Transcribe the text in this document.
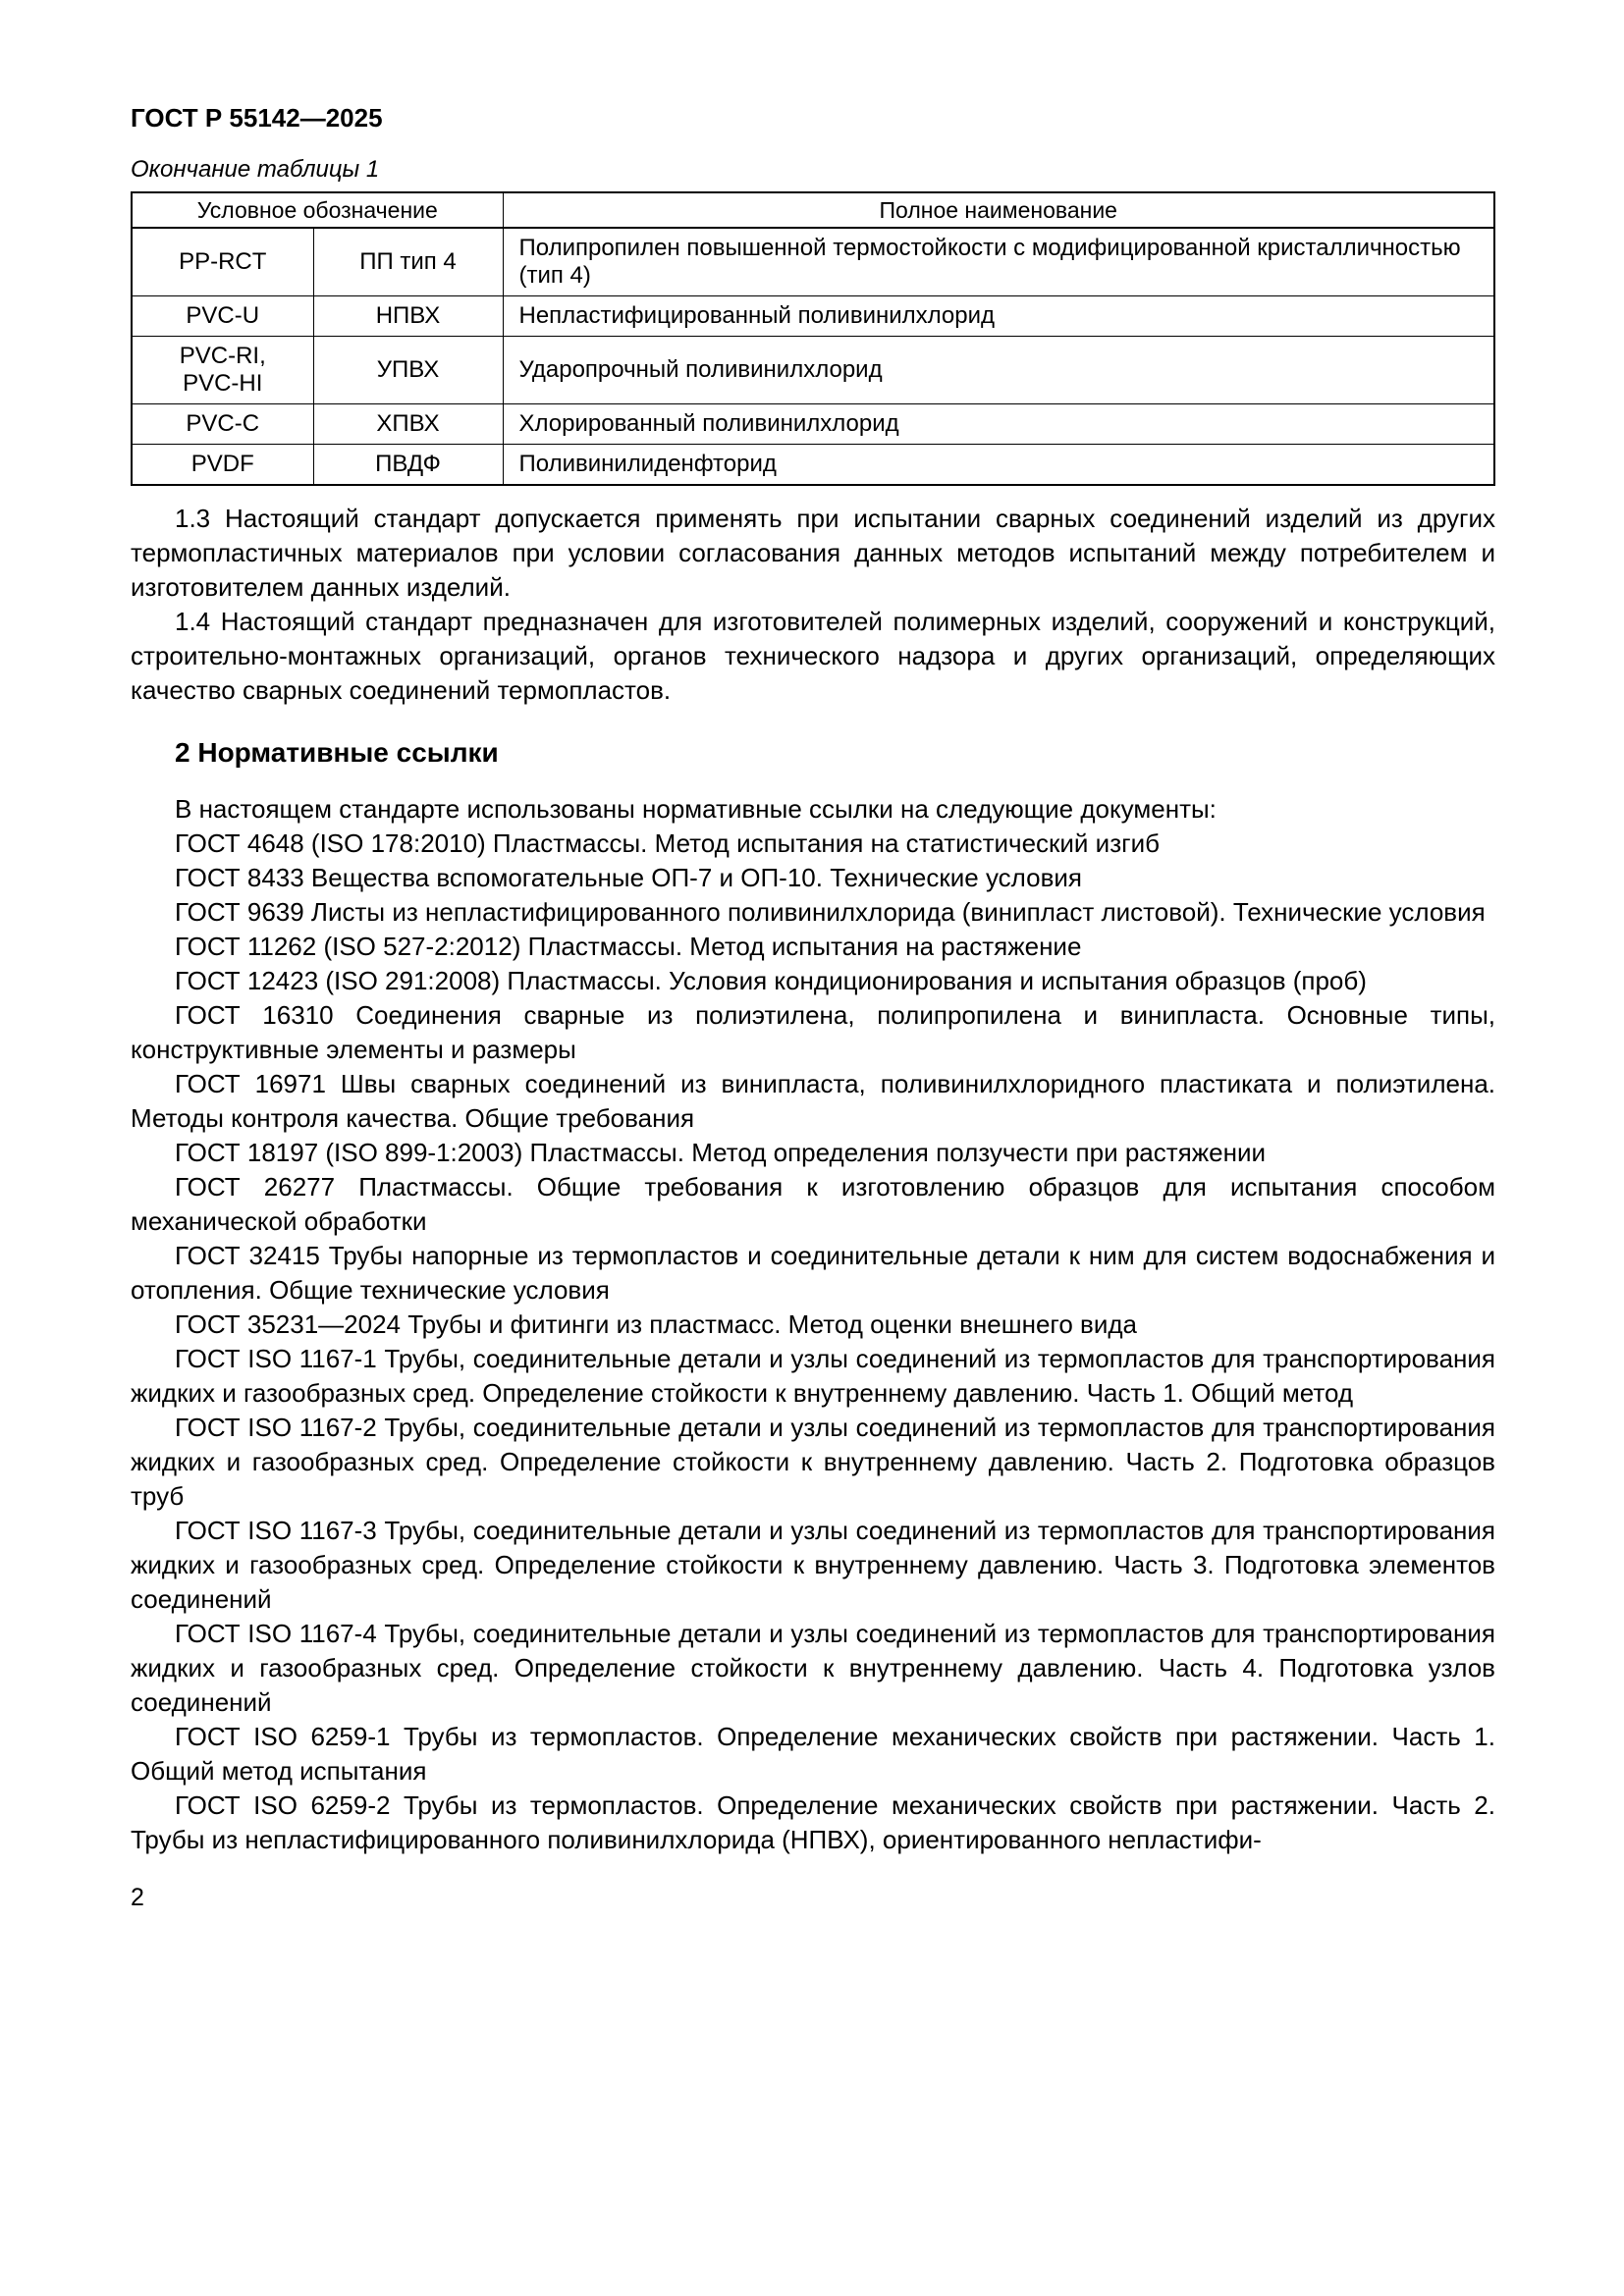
ГОСТ Р 55142—2025
Окончание таблицы 1
Условное обозначение		Полное наименование
PP-RCT	ПП тип 4	Полипропилен повышенной термостойкости с модифицированной кристалличностью (тип 4)
PVC-U	НПВХ	Непластифицированный поливинилхлорид
PVC-RI, PVC-HI	УПВХ	Ударопрочный поливинилхлорид
PVC-C	ХПВХ	Хлорированный поливинилхлорид
PVDF	ПВДФ	Поливинилиденфторид

1.3 Настоящий стандарт допускается применять при испытании сварных соединений изделий из других термопластичных материалов при условии согласования данных методов испытаний между потребителем и изготовителем данных изделий.

1.4 Настоящий стандарт предназначен для изготовителей полимерных изделий, сооружений и конструкций, строительно-монтажных организаций, органов технического надзора и других организаций, определяющих качество сварных соединений термопластов.

2 Нормативные ссылки

В настоящем стандарте использованы нормативные ссылки на следующие документы:

ГОСТ 4648 (ISO 178:2010) Пластмассы. Метод испытания на статистический изгиб

ГОСТ 8433 Вещества вспомогательные ОП-7 и ОП-10. Технические условия

ГОСТ 9639 Листы из непластифицированного поливинилхлорида (винипласт листовой). Технические условия

ГОСТ 11262 (ISO 527-2:2012) Пластмассы. Метод испытания на растяжение

ГОСТ 12423 (ISO 291:2008) Пластмассы. Условия кондиционирования и испытания образцов (проб)

ГОСТ 16310 Соединения сварные из полиэтилена, полипропилена и винипласта. Основные типы, конструктивные элементы и размеры

ГОСТ 16971 Швы сварных соединений из винипласта, поливинилхлоридного пластиката и полиэтилена. Методы контроля качества. Общие требования

ГОСТ 18197 (ISO 899-1:2003) Пластмассы. Метод определения ползучести при растяжении

ГОСТ 26277 Пластмассы. Общие требования к изготовлению образцов для испытания способом механической обработки

ГОСТ 32415 Трубы напорные из термопластов и соединительные детали к ним для систем водоснабжения и отопления. Общие технические условия

ГОСТ 35231—2024 Трубы и фитинги из пластмасс. Метод оценки внешнего вида

ГОСТ ISO 1167-1 Трубы, соединительные детали и узлы соединений из термопластов для транспортирования жидких и газообразных сред. Определение стойкости к внутреннему давлению. Часть 1. Общий метод

ГОСТ ISO 1167-2 Трубы, соединительные детали и узлы соединений из термопластов для транспортирования жидких и газообразных сред. Определение стойкости к внутреннему давлению. Часть 2. Подготовка образцов труб

ГОСТ ISO 1167-3 Трубы, соединительные детали и узлы соединений из термопластов для транспортирования жидких и газообразных сред. Определение стойкости к внутреннему давлению. Часть 3. Подготовка элементов соединений

ГОСТ ISO 1167-4 Трубы, соединительные детали и узлы соединений из термопластов для транспортирования жидких и газообразных сред. Определение стойкости к внутреннему давлению. Часть 4. Подготовка узлов соединений

ГОСТ ISO 6259-1 Трубы из термопластов. Определение механических свойств при растяжении. Часть 1. Общий метод испытания

ГОСТ ISO 6259-2 Трубы из термопластов. Определение механических свойств при растяжении. Часть 2. Трубы из непластифицированного поливинилхлорида (НПВХ), ориентированного непластифи-

2
